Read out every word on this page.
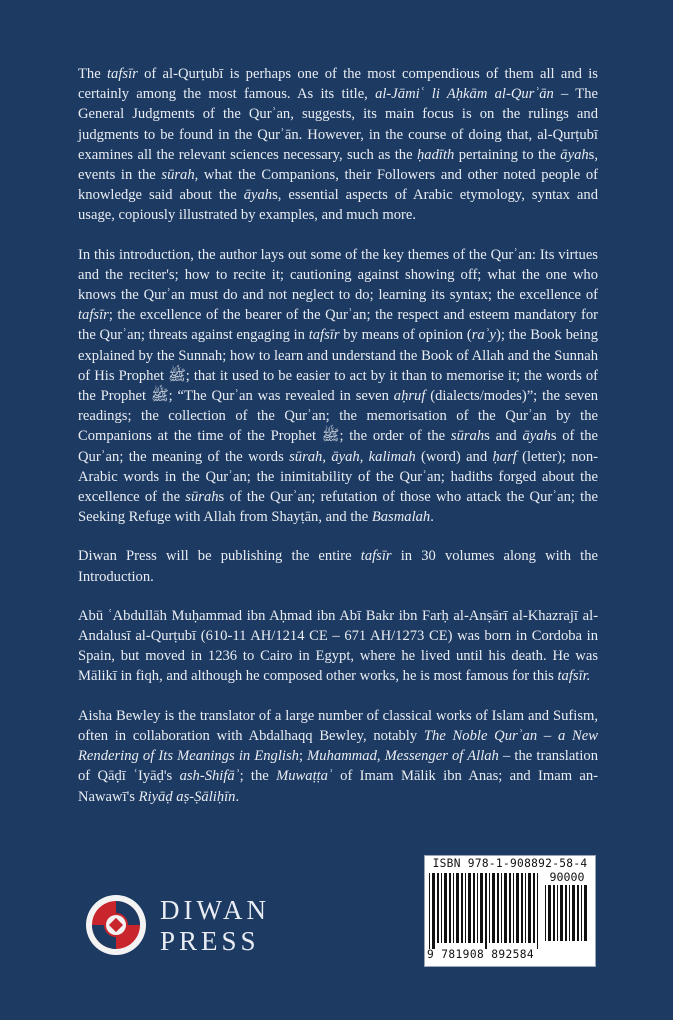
The tafsīr of al-Qurṭubī is perhaps one of the most compendious of them all and is certainly among the most famous. As its title, al-Jāmiʿ li Aḥkām al-Qurʾān – The General Judgments of the Qurʾan, suggests, its main focus is on the rulings and judgments to be found in the Qurʾān. However, in the course of doing that, al-Qurṭubī examines all the relevant sciences necessary, such as the ḥadīth pertaining to the āyahs, events in the sūrah, what the Companions, their Followers and other noted people of knowledge said about the āyahs, essential aspects of Arabic etymology, syntax and usage, copiously illustrated by examples, and much more.

In this introduction, the author lays out some of the key themes of the Qurʾan: Its virtues and the reciter's; how to recite it; cautioning against showing off; what the one who knows the Qurʾan must do and not neglect to do; learning its syntax; the excellence of tafsīr; the excellence of the bearer of the Qurʾan; the respect and esteem mandatory for the Qurʾan; threats against engaging in tafsīr by means of opinion (raʾy); the Book being explained by the Sunnah; how to learn and understand the Book of Allah and the Sunnah of His Prophet ﷺ; that it used to be easier to act by it than to memorise it; the words of the Prophet ﷺ; “The Qurʾan was revealed in seven aḥruf (dialects/modes)”; the seven readings; the collection of the Qurʾan; the memorisation of the Qurʾan by the Companions at the time of the Prophet ﷺ; the order of the sūrahs and āyahs of the Qurʾan; the meaning of the words sūrah, āyah, kalimah (word) and ḥarf (letter); non-Arabic words in the Qurʾan; the inimitability of the Qurʾan; hadiths forged about the excellence of the sūrahs of the Qurʾan; refutation of those who attack the Qurʾan; the Seeking Refuge with Allah from Shayṭān, and the Basmalah.

Diwan Press will be publishing the entire tafsīr in 30 volumes along with the Introduction.

Abū ʿAbdullāh Muḥammad ibn Aḥmad ibn Abī Bakr ibn Farḥ al-Anṣārī al-Khazrajī al-Andalusī al-Qurṭubī (610-11 AH/1214 CE – 671 AH/1273 CE) was born in Cordoba in Spain, but moved in 1236 to Cairo in Egypt, where he lived until his death. He was Mālikī in fiqh, and although he composed other works, he is most famous for this tafsīr.

Aisha Bewley is the translator of a large number of classical works of Islam and Sufism, often in collaboration with Abdalhaqq Bewley, notably The Noble Qurʾan – a New Rendering of Its Meanings in English; Muhammad, Messenger of Allah – the translation of Qāḍī ʿIyāḍ's ash-Shifāʾ; the Muwaṭṭaʾ of Imam Mālik ibn Anas; and Imam an-Nawawī's Riyāḍ aṣ-Ṣāliḥīn.

DIWAN
PRESS
ISBN 978-1-908892-58-4
90000
9 781908 892584
